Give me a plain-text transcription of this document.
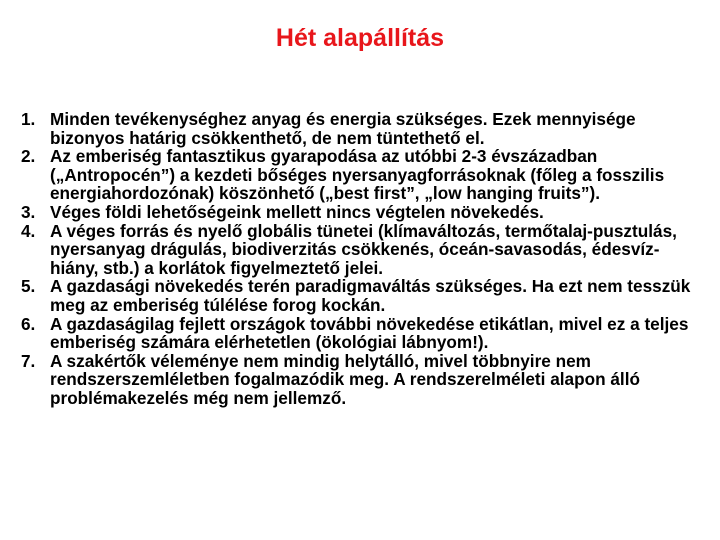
Hét alapállítás
1. Minden tevékenységhez anyag és energia szükséges. Ezek mennyisége bizonyos határig csökkenthető, de nem tüntethető el.
2. Az emberiség fantasztikus gyarapodása az utóbbi 2-3 évszázadban („Antropocén”) a kezdeti bőséges nyersanyagforrásoknak (főleg a fosszilis energiahordozónak) köszönhető („best first”, „low hanging fruits”).
3. Véges földi lehetőségeink mellett nincs végtelen növekedés.
4. A véges forrás és nyelő globális tünetei (klímaváltozás, termőtalaj-pusztulás, nyersanyag drágulás, biodiverzitás csökkenés, óceán-savasodás, édesvíz-hiány, stb.) a korlátok figyelmeztető jelei.
5. A gazdasági növekedés terén paradigmaváltás szükséges. Ha ezt nem tesszük meg az emberiség túlélése forog kockán.
6. A gazdaságilag fejlett országok további növekedése etikátlan, mivel ez a teljes emberiség számára elérhetetlen (ökológiai lábnyom!).
7. A szakértők véleménye nem mindig helytálló, mivel többnyire nem rendszerszemléletben fogalmazódik meg. A rendszerelméleti alapon álló problémakezelés még nem jellemző.
